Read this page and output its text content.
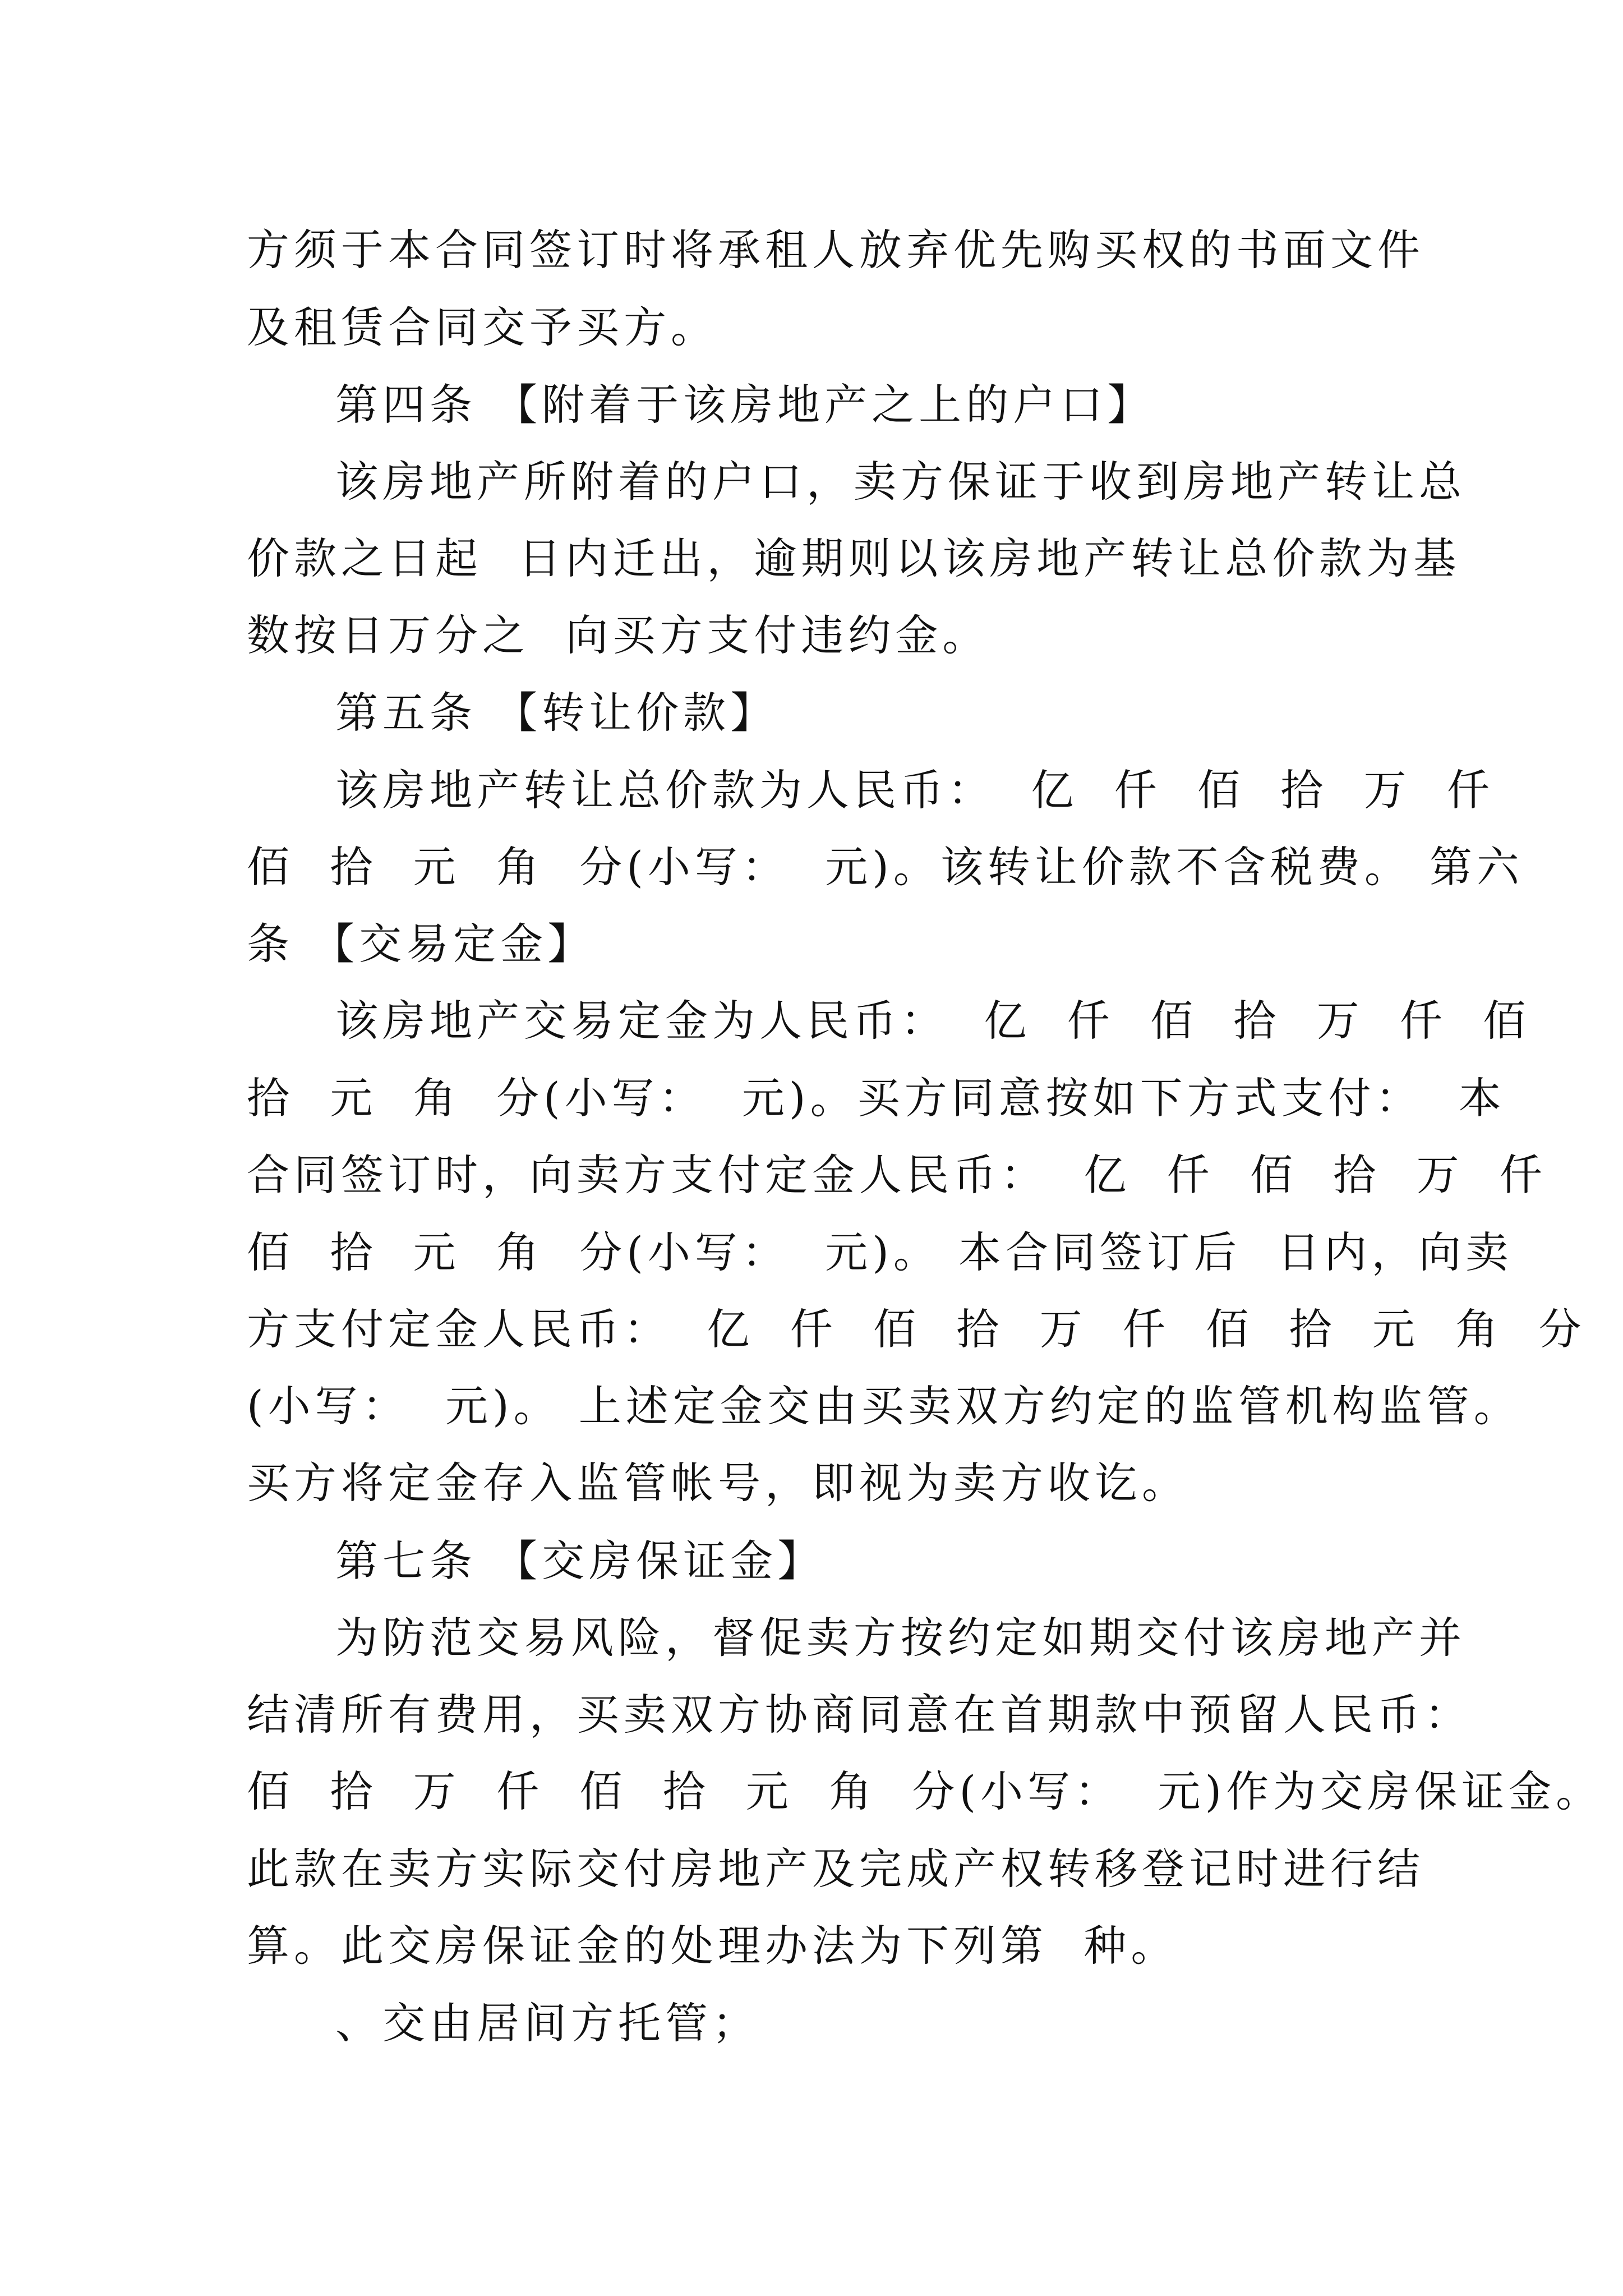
方须于本合同签订时将承租人放弃优先购买权的书面文件
及租赁合同交予买方。
第四条 【附着于该房地产之上的户口】
该房地产所附着的户口，卖方保证于收到房地产转让总
价款之日起  日内迁出，逾期则以该房地产转让总价款为基
数按日万分之  向买方支付违约金。
第五条 【转让价款】
该房地产转让总价款为人民币：  亿  仟  佰  拾  万  仟
佰  拾  元  角  分(小写：  元)。该转让价款不含税费。 第六
条 【交易定金】
该房地产交易定金为人民币：  亿  仟  佰  拾  万  仟  佰
拾  元  角  分(小写：  元)。买方同意按如下方式支付：  本
合同签订时，向卖方支付定金人民币：  亿  仟  佰  拾  万  仟
佰  拾  元  角  分(小写：  元)。 本合同签订后  日内，向卖
方支付定金人民币：  亿  仟  佰  拾  万  仟  佰  拾  元  角  分
(小写：  元)。 上述定金交由买卖双方约定的监管机构监管。
买方将定金存入监管帐号，即视为卖方收讫。
第七条 【交房保证金】
为防范交易风险，督促卖方按约定如期交付该房地产并
结清所有费用，买卖双方协商同意在首期款中预留人民币：
佰  拾  万  仟  佰  拾  元  角  分(小写：  元)作为交房保证金。
此款在卖方实际交付房地产及完成产权转移登记时进行结
算。此交房保证金的处理办法为下列第  种。
、交由居间方托管；
